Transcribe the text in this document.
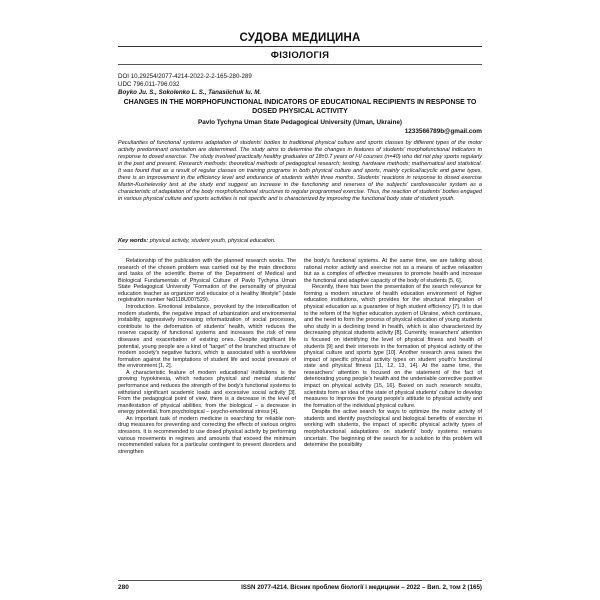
СУДОВА МЕДИЦИНА
ФІЗІОЛОГІЯ
DOI 10.29254/2077-4214-2022-2-2-165-280-289
UDC 796.011-796.032
Boyko Ju. S., Sokolenko L. S., Tanasiichuk Iu. M.
CHANGES IN THE MORPHOFUNCTIONAL INDICATORS OF EDUCATIONAL RECIPIENTS IN RESPONSE TO DOSED PHYSICAL ACTIVITY
Pavlo Tychyna Uman State Pedagogical University (Uman, Ukraine)
1233566789b@gmail.com
Peculiarities of functional systems adaptation of students’ bodies to traditional physical culture and sports classes by different types of the motor activity predominant orientation are determined. The study aims to determine the changes in features of students’ morphofunctional indicators in response to dosed exercise. The study involved practically healthy graduates of 18±0.7 years of I-II courses (n=40) who did not play sports regularly in the past and present. Research methods: theoretical methods of pedagogical research; testing, hardware methods; mathematical and statistical. It was found that as a result of regular classes on training programs in both physical culture and sports, mainly cyclical/acyclic and game types, there is an improvement in the efficiency level and endurance of students within three months. Students’ reactions in response to dosed exercise Martin-Kushelevsky test at the study end suggest an increase in the functioning and reserves of the subjects’ cardiovascular system as a characteristic of adaptation of the body morphofunctional structures to regular programmed exercise. Thus, the reaction of students’ bodies engaged in various physical culture and sports activities is not specific and is characterized by improving the functional body state of student youth.
Key words: physical activity, student youth, physical education.

Relationship of the publication with the planned research works. The research of the chosen problem was carried out by the main directions and tasks of the scientific theme of the Department of Medical and Biological Fundamentals of Physical Culture of Pavlo Tychyna Uman State Pedagogical University "Formation of the personality of physical education teacher as organizer and educator of a healthy lifestyle" (state registration number №0118U007529).

Introduction. Emotional imbalance, provoked by the intensification of modern students, the negative impact of urbanization and environmental instability, aggressively increasing informatization of social processes, contribute to the deformation of students' health, which reduces the reserve capacity of functional systems and increases the risk of new diseases and exacerbation of existing ones. Despite significant life potential, young people are a kind of "target" of the branched structure of modern society's negative factors, which is associated with a worldview formation against the temptations of student life and social pressure of the environment [1, 2].

A characteristic feature of modern educational institutions is the growing hypokinesia, which reduces physical and mental students' performance and reduces the strength of the body's functional systems to withstand significant academic loads and excessive social activity [3]. From the pedagogical point of view, there is a decrease in the level of manifestation of physical abilities, from the biological – a decrease in energy potential, from psychological – psycho-emotional stress [4].

An important task of modern medicine is searching for reliable non-drug measures for preventing and correcting the effects of various origins stressors. It is recommended to use dosed physical activity by performing various movements in regimes and amounts that exceed the minimum recommended values for a particular contingent to prevent disorders and strengthen

the body's functional systems. At the same time, we are talking about rational motor activity and exercise not as a means of active relaxation but as a complex of effective measures to promote health and increase the functional and adaptive capacity of the body of students [5, 6].

Recently, there has been the presentation of the search relevance for forming a modern structure of health education environment of higher education institutions, which provides for the structural integration of physical education as a guarantee of high student efficiency [7]. It is due to the reform of the higher education system of Ukraine, which continues, and the need to form the process of physical education of young students who study in a declining trend in health, which is also characterized by decreasing physical students activity [8]. Currently, researchers' attention is focused on identifying the level of physical fitness and health of students [9] and their interests in the formation of physical activity of the physical culture and sports type [10]. Another research area raises the impact of specific physical activity types on student youth's functional state and physical fitness [11, 12, 13, 14]. At the same time, the researchers' attention is focused on the statement of the fact of deteriorating young people's health and the undeniable corrective positive impact on physical activity [15, 16]. Based on such research results, scientists form an idea of the state of physical students' culture to develop measures to improve the young people's attitude to physical activity and the formation of the individual physical culture.

Despite the active search for ways to optimize the motor activity of students and identify psychological and biological benefits of exercise in working with students, the impact of specific physical activity types of morphofunctional adaptations on students' body systems remains uncertain. The beginning of the search for a solution to this problem will determine the possibility

280	ISSN 2077-4214. Вісник проблем біології і медицини – 2022 – Вип. 2, том 2 (165)
